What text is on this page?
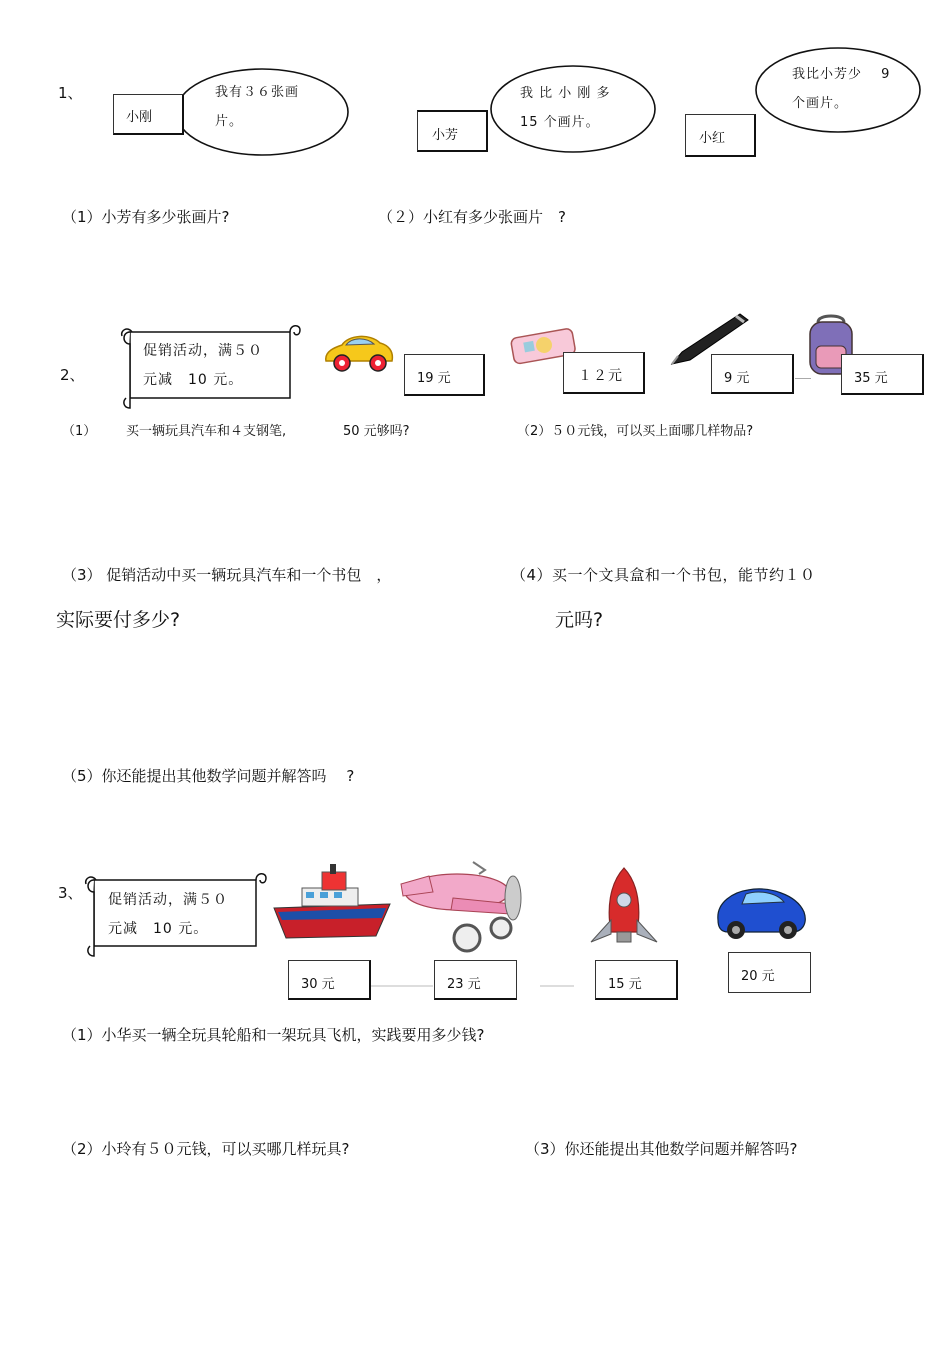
1、	我有３６张画
片。
小刚
我 比 小 刚 多
15 个画片。
小芳
我比小芳少　 9
个画片。
小红
（1）小芳有多少张画片?	（２）小红有多少张画片　?
2、
促销活动，满５０
元减　10 元。	19 元	１２元	9 元	35 元
（1） 买一辆玩具汽车和４支钢笔,	50 元够吗?	（2）５０元钱，可以买上面哪几样物品?
（3） 促销活动中买一辆玩具汽车和一个书包　，
实际要付多少?
（4）买一个文具盒和一个书包，能节约１０
元吗?
（5）你还能提出其他数学问题并解答吗　 ?
3、 促销活动，满５０
元减　10 元。
30 元	23 元	15 元
20 元
（1）小华买一辆全玩具轮船和一架玩具飞机，实践要用多少钱?
（2）小玲有５０元钱，可以买哪几样玩具?	（3）你还能提出其他数学问题并解答吗?
